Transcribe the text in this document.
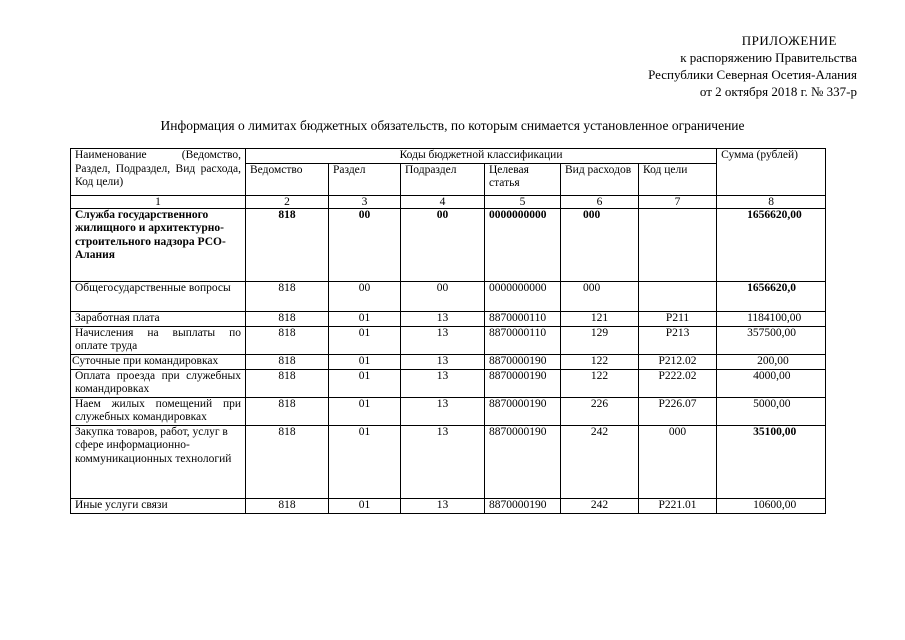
ПРИЛОЖЕНИЕ
к распоряжению Правительства
Республики Северная Осетия-Алания
от 2 октября 2018 г. № 337-р
Информация о лимитах бюджетных обязательств, по которым снимается установленное ограничение
Наименование (Ведомство, Раздел, Подраздел, Вид расхода, Код цели)	Коды бюджетной классификации						Сумма (рублей)
	Ведомство	Раздел	Подраздел	Целевая статья	Вид расходов	Код цели	
1	2	3	4	5	6	7	8
Служба государственного жилищного и архитектурно-строительного надзора РСО-Алания	818	00	00	0000000000	000		1656620,00
Общегосударственные вопросы	818	00	00	0000000000	000		1656620,0
Заработная плата	818	01	13	8870000110	121	Р211	1184100,00
Начисления на выплаты по оплате труда	818	01	13	8870000110	129	Р213	357500,00
Суточные при командировках	818	01	13	8870000190	122	Р212.02	200,00
Оплата проезда при служебных командировках	818	01	13	8870000190	122	Р222.02	4000,00
Наем жилых помещений при служебных командировках	818	01	13	8870000190	226	Р226.07	5000,00
Закупка товаров, работ, услуг в сфере информационно-коммуникационных технологий	818	01	13	8870000190	242	000	35100,00
Иные услуги связи	818	01	13	8870000190	242	Р221.01	10600,00
